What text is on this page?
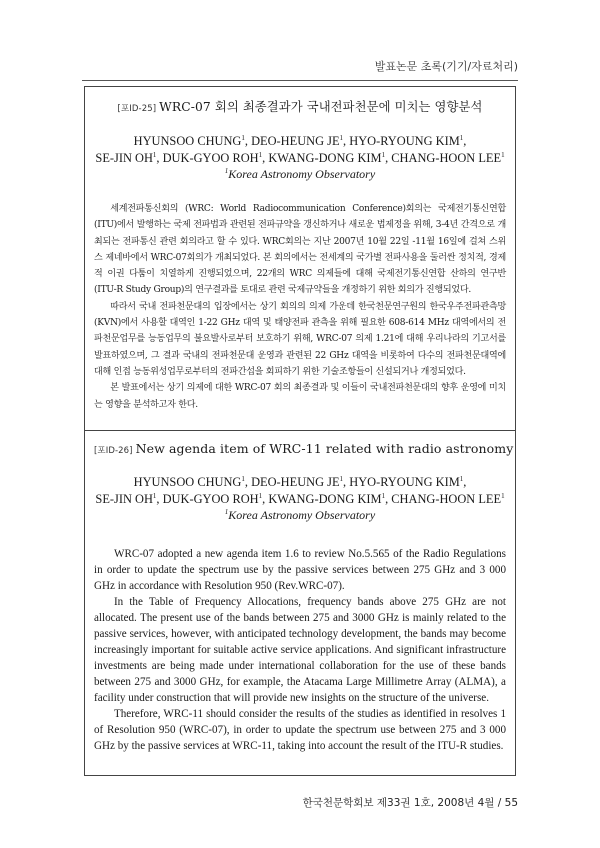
발표논문 초록(기기/자료처리)
[포ID-25] WRC-07 회의 최종결과가 국내전파천문에 미치는 영향분석
HYUNSOO CHUNG$^1$, DEO-HEUNG $JE^1$, HYO-RYOUNG KIM$^1$,
SE-JIN $OH^1$, DUK-GYOO ROH$^1$, KWANG-DONG KIM$^1$, CHANG-HOON LEE$^1$
$^1$Korea Astronomy Observatory

세계전파통신회의 (WRC: World Radiocommunication Conference)회의는 국제전기통신연합 (ITU)에서 발행하는 국제 전파법과 관련된 전파규약을 갱신하거나 새로운 법제정을 위해, 3-4년 간격으로 개최되는 전파통신 관련 회의라고 할 수 있다. WRC회의는 지난 2007년 10월 22일 -11월 16일에 걸쳐 스위스 제네바에서 WRC-07회의가 개최되었다. 본 회의에서는 전세계의 국가별 전파사용을 둘러싼 정치적, 경제적 이권 다툼이 치열하게 진행되었으며, 22개의 WRC 의제들에 대해 국제전기통신연합 산하의 연구반 (ITU-R Study Group)의 연구결과를 토대로 관련 국제규약들을 개정하기 위한 회의가 진행되었다.

따라서 국내 전파천문대의 입장에서는 상기 회의의 의제 가운데 한국천문연구원의 한국우주전파관측망(KVN)에서 사용할 대역인 1-22 GHz 대역 및 태양전파 관측을 위해 필요한 608-614 MHz 대역에서의 전파천문업무를 능동업무의 불요발사로부터 보호하기 위해, WRC-07 의제 1.21에 대해 우리나라의 기고서를 발표하였으며, 그 결과 국내의 전파천문대 운영과 관련된 22 GHz 대역을 비롯하여 다수의 전파천문대역에 대해 인접 능동위성업무로부터의 전파간섭을 회피하기 위한 기술조항들이 신설되거나 개정되었다.

본 발표에서는 상기 의제에 대한 WRC-07 회의 최종결과 및 이들이 국내전파천문대의 향후 운영에 미치는 영향을 분석하고자 한다.

[포ID-26] New agenda item of WRC-11 related with radio astronomy
HYUNSOO CHUNG$^1$, DEO-HEUNG $JE^1$, HYO-RYOUNG KIM$^1$,
SE-JIN $OH^1$, DUK-GYOO ROH$^1$, KWANG-DONG KIM$^1$, CHANG-HOON LEE$^1$
$^1$Korea Astronomy Observatory

WRC-07 adopted a new agenda item 1.6 to review No.5.565 of the Radio Regulations in order to update the spectrum use by the passive services between 275 GHz and 3 000 GHz in accordance with Resolution 950 (Rev.WRC-07).

In the Table of Frequency Allocations, frequency bands above 275 GHz are not allocated. The present use of the bands between 275 and 3000 GHz is mainly related to the passive services, however, with anticipated technology development, the bands may become increasingly important for suitable active service applications. And significant infrastructure investments are being made under international collaboration for the use of these bands between 275 and 3000 GHz, for example, the Atacama Large Millimetre Array (ALMA), a facility under construction that will provide new insights on the structure of the universe.

Therefore, WRC-11 should consider the results of the studies as identified in resolves 1 of Resolution 950 (WRC-07), in order to update the spectrum use between 275 and 3 000 GHz by the passive services at WRC-11, taking into account the result of the ITU-R studies.

한국천문학회보 제33권 1호, 2008년 4월 / 55
